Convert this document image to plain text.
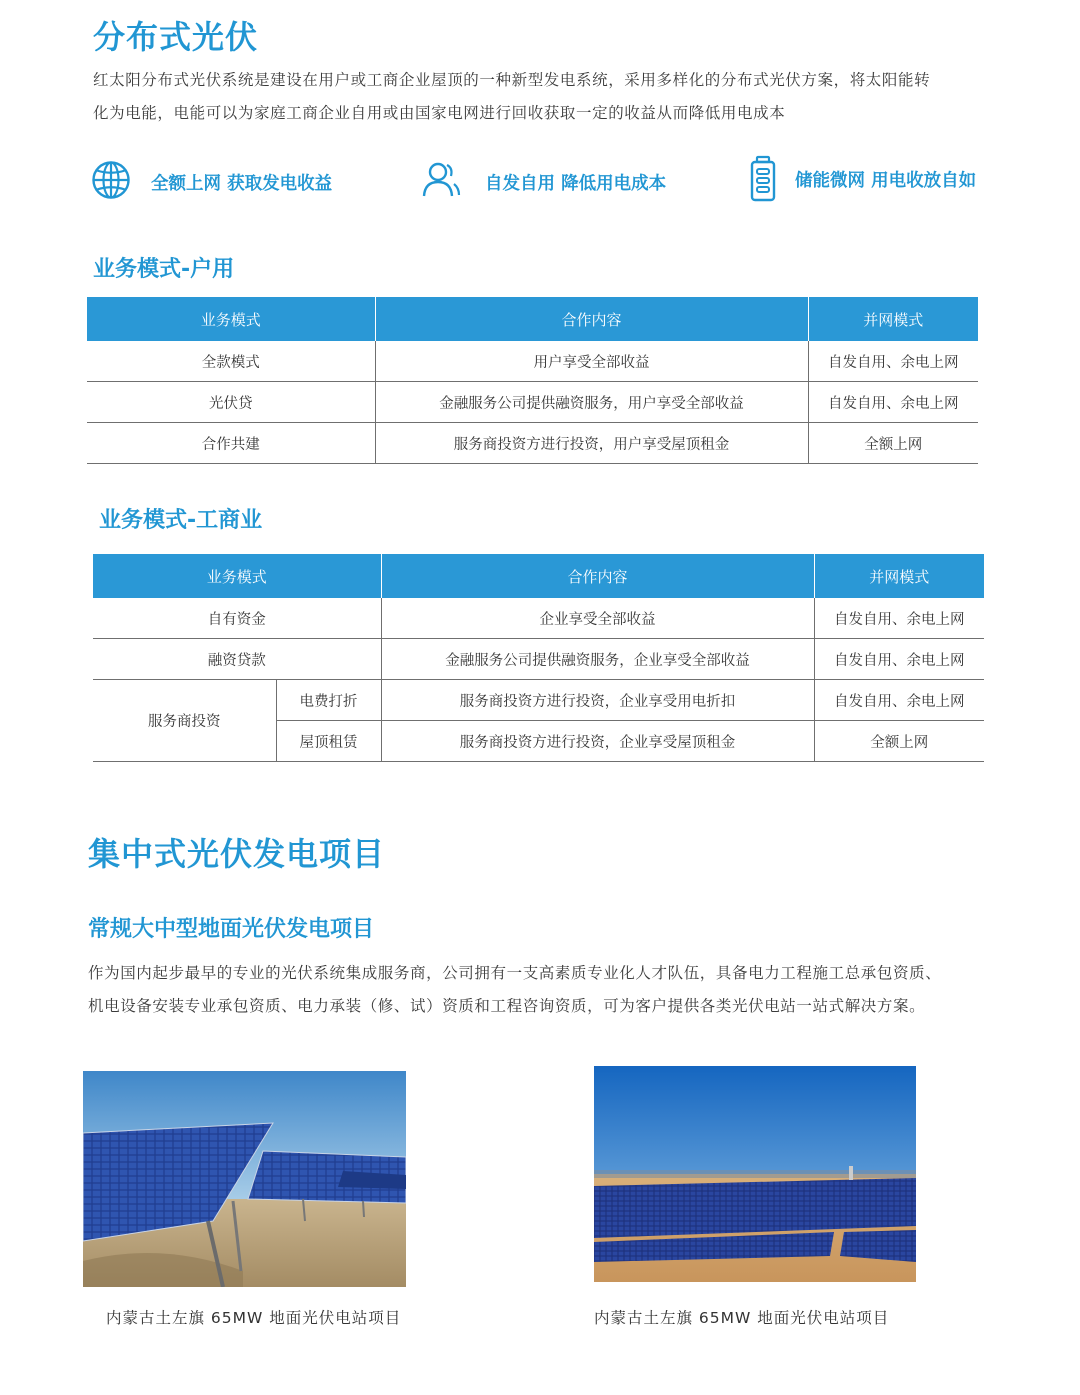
分布式光伏
红太阳分布式光伏系统是建设在用户或工商企业屋顶的一种新型发电系统，采用多样化的分布式光伏方案，将太阳能转
化为电能，电能可以为家庭工商企业自用或由国家电网进行回收获取一定的收益从而降低用电成本
全额上网 获取发电收益	自发自用 降低用电成本	储能微网 用电收放自如
业务模式-户用
业务模式	合作内容	并网模式
全款模式	用户享受全部收益	自发自用、余电上网
光伏贷	金融服务公司提供融资服务，用户享受全部收益	自发自用、余电上网
合作共建	服务商投资方进行投资，用户享受屋顶租金	全额上网
业务模式-工商业
业务模式		合作内容	并网模式
自有资金		企业享受全部收益	自发自用、余电上网
融资贷款		金融服务公司提供融资服务，企业享受全部收益	自发自用、余电上网
服务商投资	电费打折	服务商投资方进行投资，企业享受用电折扣	自发自用、余电上网
	屋顶租赁	服务商投资方进行投资，企业享受屋顶租金	全额上网
集中式光伏发电项目
常规大中型地面光伏发电项目
作为国内起步最早的专业的光伏系统集成服务商，公司拥有一支高素质专业化人才队伍，具备电力工程施工总承包资质、
机电设备安装专业承包资质、电力承装（修、试）资质和工程咨询资质，可为客户提供各类光伏电站一站式解决方案。
内蒙古土左旗 65MW 地面光伏电站项目	内蒙古土左旗 65MW 地面光伏电站项目
